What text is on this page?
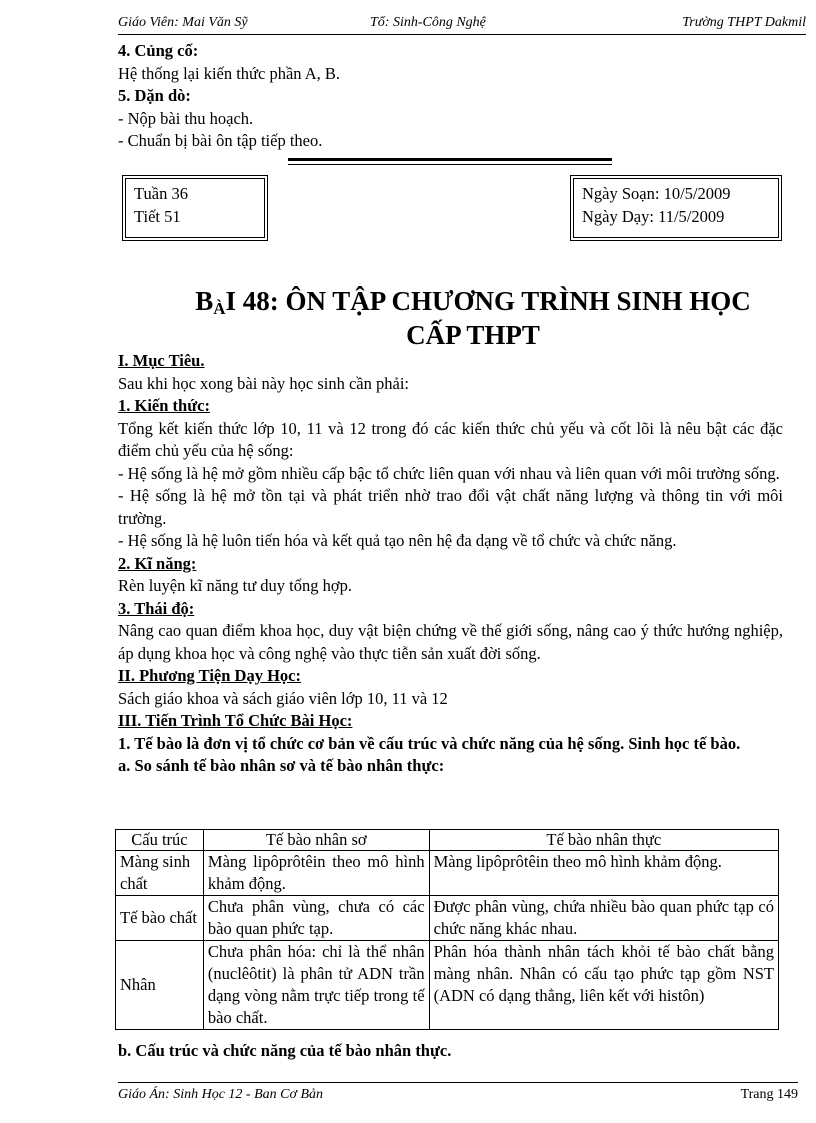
Giáo Viên: Mai Văn Sỹ	Tổ: Sinh-Công Nghệ	Trường THPT Dakmil

4. Củng cố:

Hệ thống lại kiến thức phần A, B.

5. Dặn dò:

- Nộp bài thu hoạch.

- Chuẩn bị bài ôn tập tiếp theo.

Tuần 36
Tiết 51
Ngày Soạn: 10/5/2009
Ngày Dạy: 11/5/2009
BÀI 48: ÔN TẬP CHƯƠNG TRÌNH SINH HỌC
CẤP THPT

I. Mục Tiêu.

Sau khi học xong bài này học sinh cần phải:

1. Kiến thức:

Tổng kết kiến thức lớp 10, 11 và 12 trong đó các kiến thức chủ yếu và cốt lõi là nêu bật các đặc điểm chủ yếu của hệ sống:

- Hệ sống là hệ mở gồm nhiều cấp bậc tổ chức liên quan với nhau và liên quan với môi trường sống.

- Hệ sống là hệ mở tồn tại và phát triển nhờ trao đổi vật chất năng lượng và thông tin với môi trường.

- Hệ sống là hệ luôn tiến hóa và kết quả tạo nên hệ đa dạng về tổ chức và chức năng.

2. Kĩ năng:

Rèn luyện kĩ năng tư duy tổng hợp.

3. Thái độ:

Nâng cao quan điểm khoa học, duy vật biện chứng về thế giới sống, nâng cao ý thức hướng nghiệp, áp dụng khoa học và công nghệ vào thực tiễn sản xuất đời sống.

II. Phương Tiện Dạy Học:

Sách giáo khoa và sách giáo viên lớp 10, 11 và 12

III. Tiến Trình Tổ Chức Bài Học:

1. Tế bào là đơn vị tổ chức cơ bản về cấu trúc và chức năng của hệ sống. Sinh học tế bào.

a. So sánh tế bào nhân sơ và tế bào nhân thực:

Cấu trúc	Tế bào nhân sơ	Tế bào nhân thực
Màng sinh chất	Màng lipôprôtêin theo mô hình khảm động.	Màng lipôprôtêin theo mô hình khảm động.
Tế bào chất	Chưa phân vùng, chưa có các bào quan phức tạp.	Được phân vùng, chứa nhiều bào quan phức tạp có chức năng khác nhau.
Nhân	Chưa phân hóa: chỉ là thể nhân (nuclêôtit) là phân tử ADN trần dạng vòng nằm trực tiếp trong tế bào chất.	Phân hóa thành nhân tách khỏi tế bào chất bằng màng nhân. Nhân có cấu tạo phức tạp gồm NST (ADN có dạng thẳng, liên kết với histôn)

b. Cấu trúc và chức năng của tế bào nhân thực.

Giáo Án: Sinh Học 12 - Ban Cơ Bản	Trang 149
